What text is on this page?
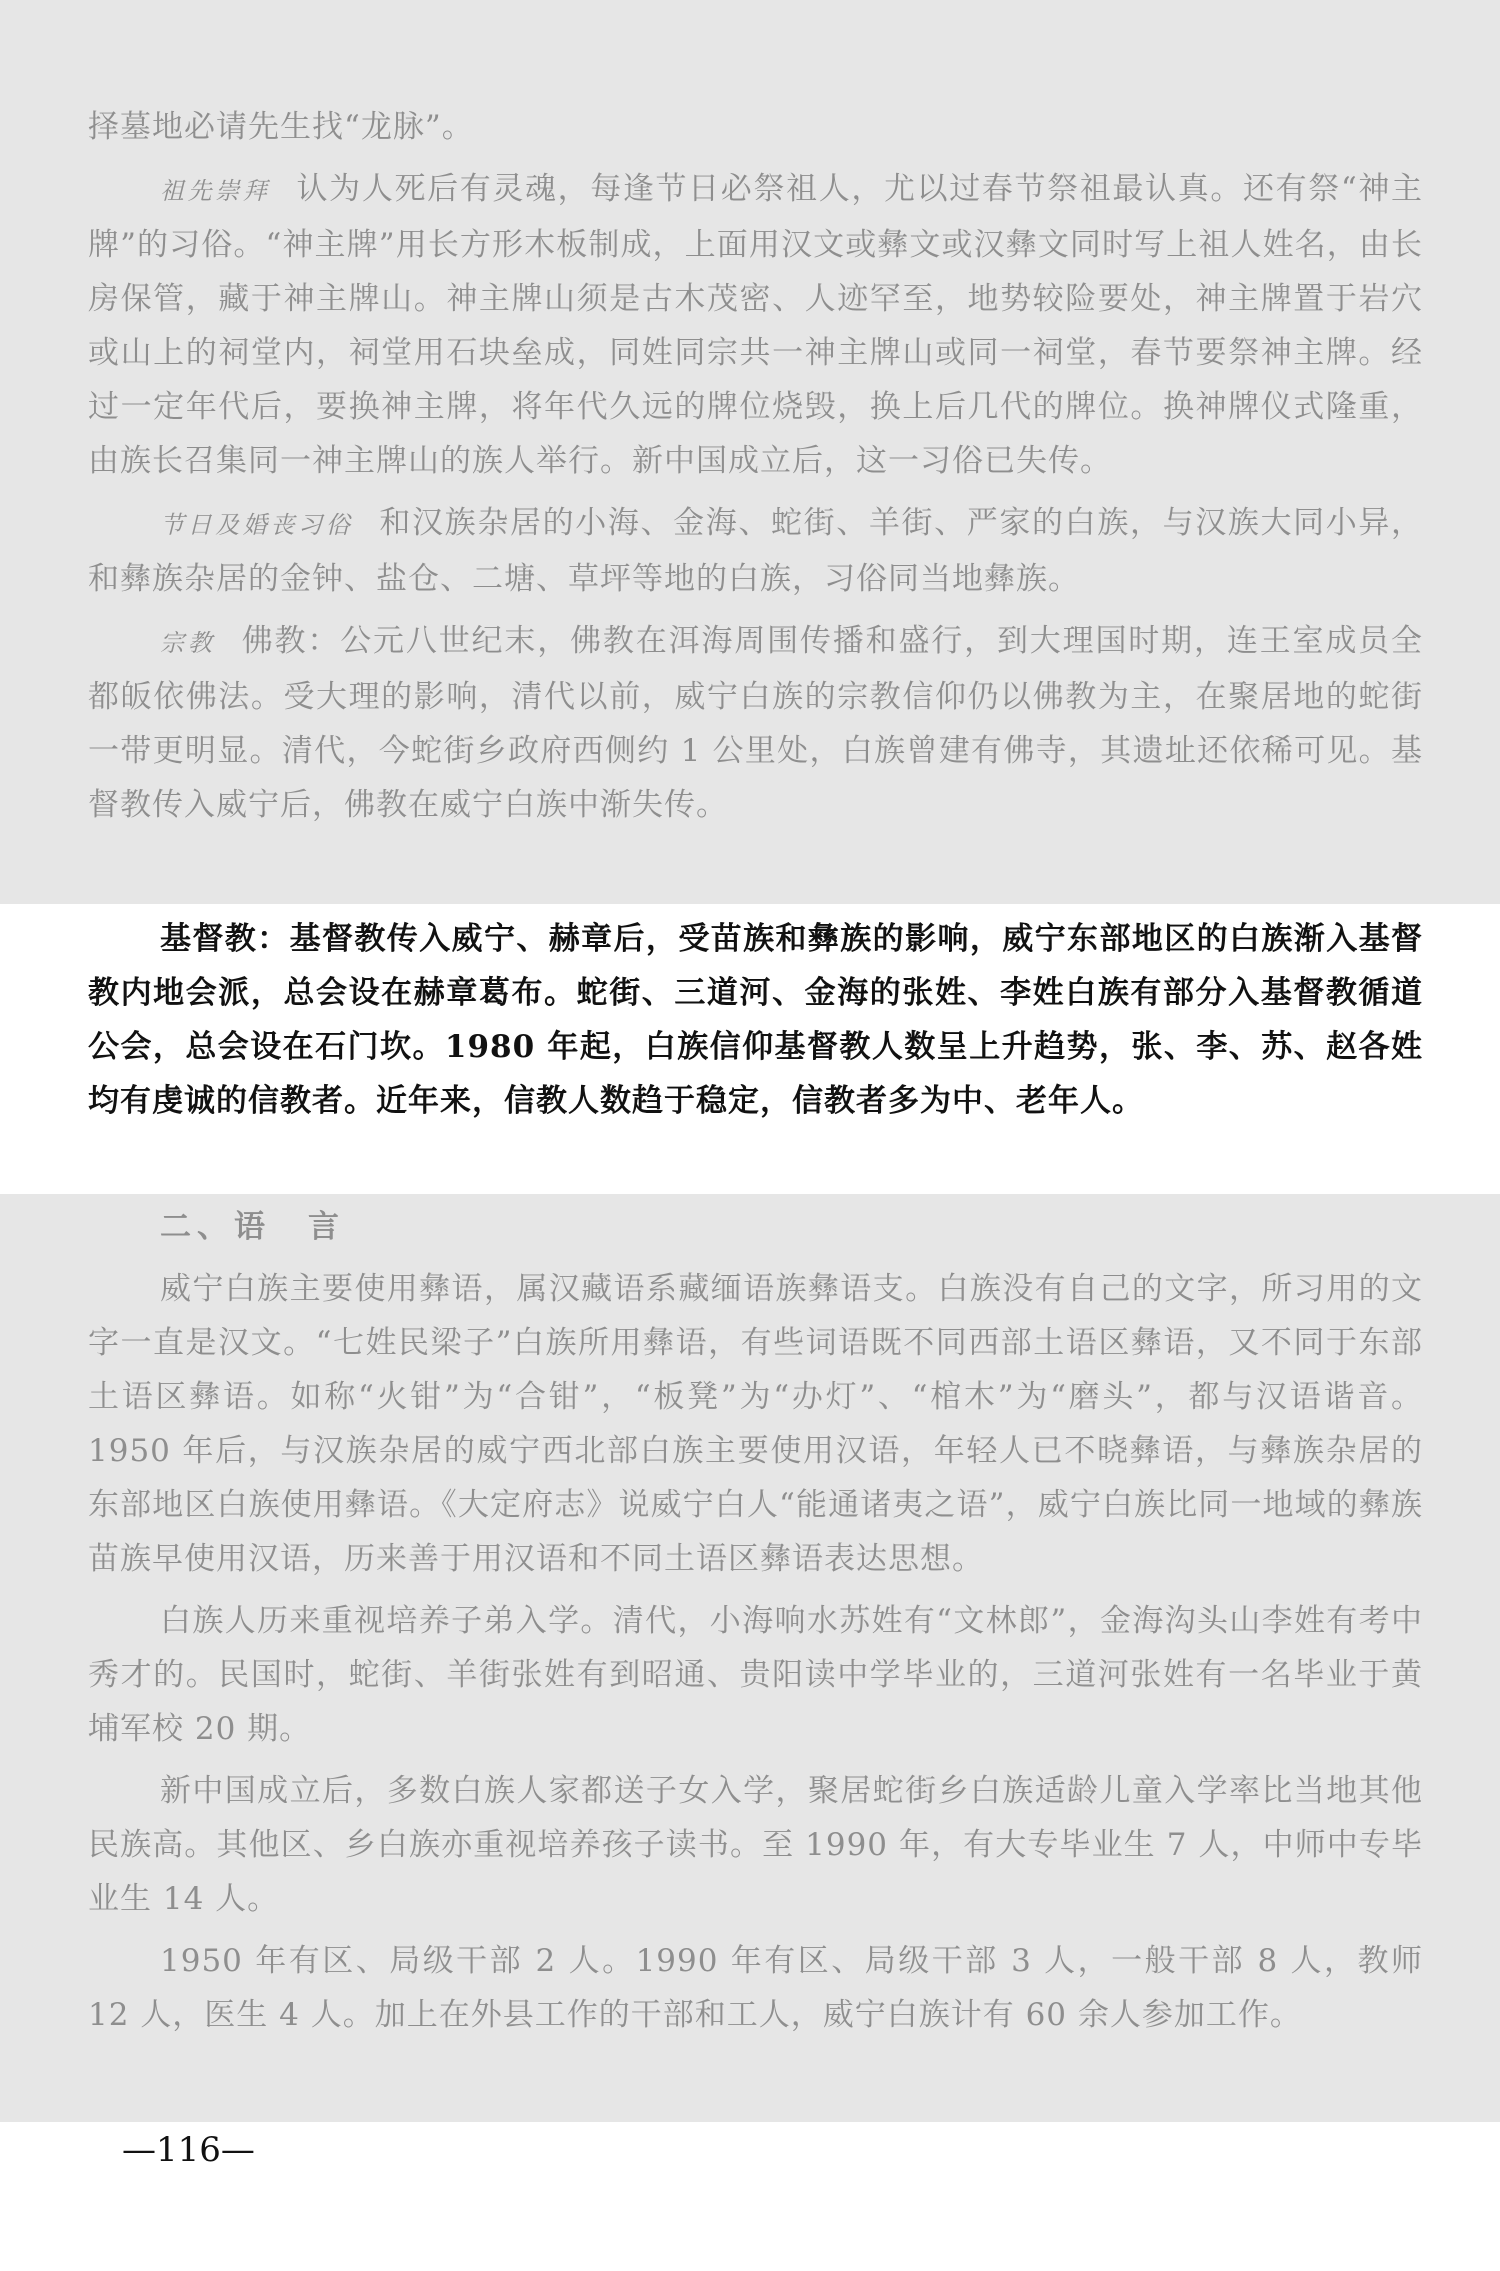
择墓地必请先生找“龙脉”。

祖先崇拜 认为人死后有灵魂，每逢节日必祭祖人，尤以过春节祭祖最认真。还有祭“神主牌”的习俗。“神主牌”用长方形木板制成，上面用汉文或彝文或汉彝文同时写上祖人姓名，由长房保管，藏于神主牌山。神主牌山须是古木茂密、人迹罕至，地势较险要处，神主牌置于岩穴或山上的祠堂内，祠堂用石块垒成，同姓同宗共一神主牌山或同一祠堂，春节要祭神主牌。经过一定年代后，要换神主牌，将年代久远的牌位烧毁，换上后几代的牌位。换神牌仪式隆重，由族长召集同一神主牌山的族人举行。新中国成立后，这一习俗已失传。

节日及婚丧习俗 和汉族杂居的小海、金海、蛇街、羊街、严家的白族，与汉族大同小异，和彝族杂居的金钟、盐仓、二塘、草坪等地的白族，习俗同当地彝族。

宗教 佛教：公元八世纪末，佛教在洱海周围传播和盛行，到大理国时期，连王室成员全都皈依佛法。受大理的影响，清代以前，威宁白族的宗教信仰仍以佛教为主，在聚居地的蛇街一带更明显。清代，今蛇街乡政府西侧约 1 公里处，白族曾建有佛寺，其遗址还依稀可见。基督教传入威宁后，佛教在威宁白族中渐失传。

基督教：基督教传入威宁、赫章后，受苗族和彝族的影响，威宁东部地区的白族渐入基督教内地会派，总会设在赫章葛布。蛇街、三道河、金海的张姓、李姓白族有部分入基督教循道公会，总会设在石门坎。1980 年起，白族信仰基督教人数呈上升趋势，张、李、苏、赵各姓均有虔诚的信教者。近年来，信教人数趋于稳定，信教者多为中、老年人。

二、语　言

威宁白族主要使用彝语，属汉藏语系藏缅语族彝语支。白族没有自己的文字，所习用的文字一直是汉文。“七姓民梁子”白族所用彝语，有些词语既不同西部土语区彝语，又不同于东部土语区彝语。如称“火钳”为“合钳”，“板凳”为“办灯”、“棺木”为“磨头”，都与汉语谐音。1950 年后，与汉族杂居的威宁西北部白族主要使用汉语，年轻人已不晓彝语，与彝族杂居的东部地区白族使用彝语。《大定府志》说威宁白人“能通诸夷之语”，威宁白族比同一地域的彝族苗族早使用汉语，历来善于用汉语和不同土语区彝语表达思想。

白族人历来重视培养子弟入学。清代，小海响水苏姓有“文林郎”，金海沟头山李姓有考中秀才的。民国时，蛇街、羊街张姓有到昭通、贵阳读中学毕业的，三道河张姓有一名毕业于黄埔军校 20 期。

新中国成立后，多数白族人家都送子女入学，聚居蛇街乡白族适龄儿童入学率比当地其他民族高。其他区、乡白族亦重视培养孩子读书。至 1990 年，有大专毕业生 7 人，中师中专毕业生 14 人。

1950 年有区、局级干部 2 人。1990 年有区、局级干部 3 人，一般干部 8 人，教师 12 人，医生 4 人。加上在外县工作的干部和工人，威宁白族计有 60 余人参加工作。

—116—
